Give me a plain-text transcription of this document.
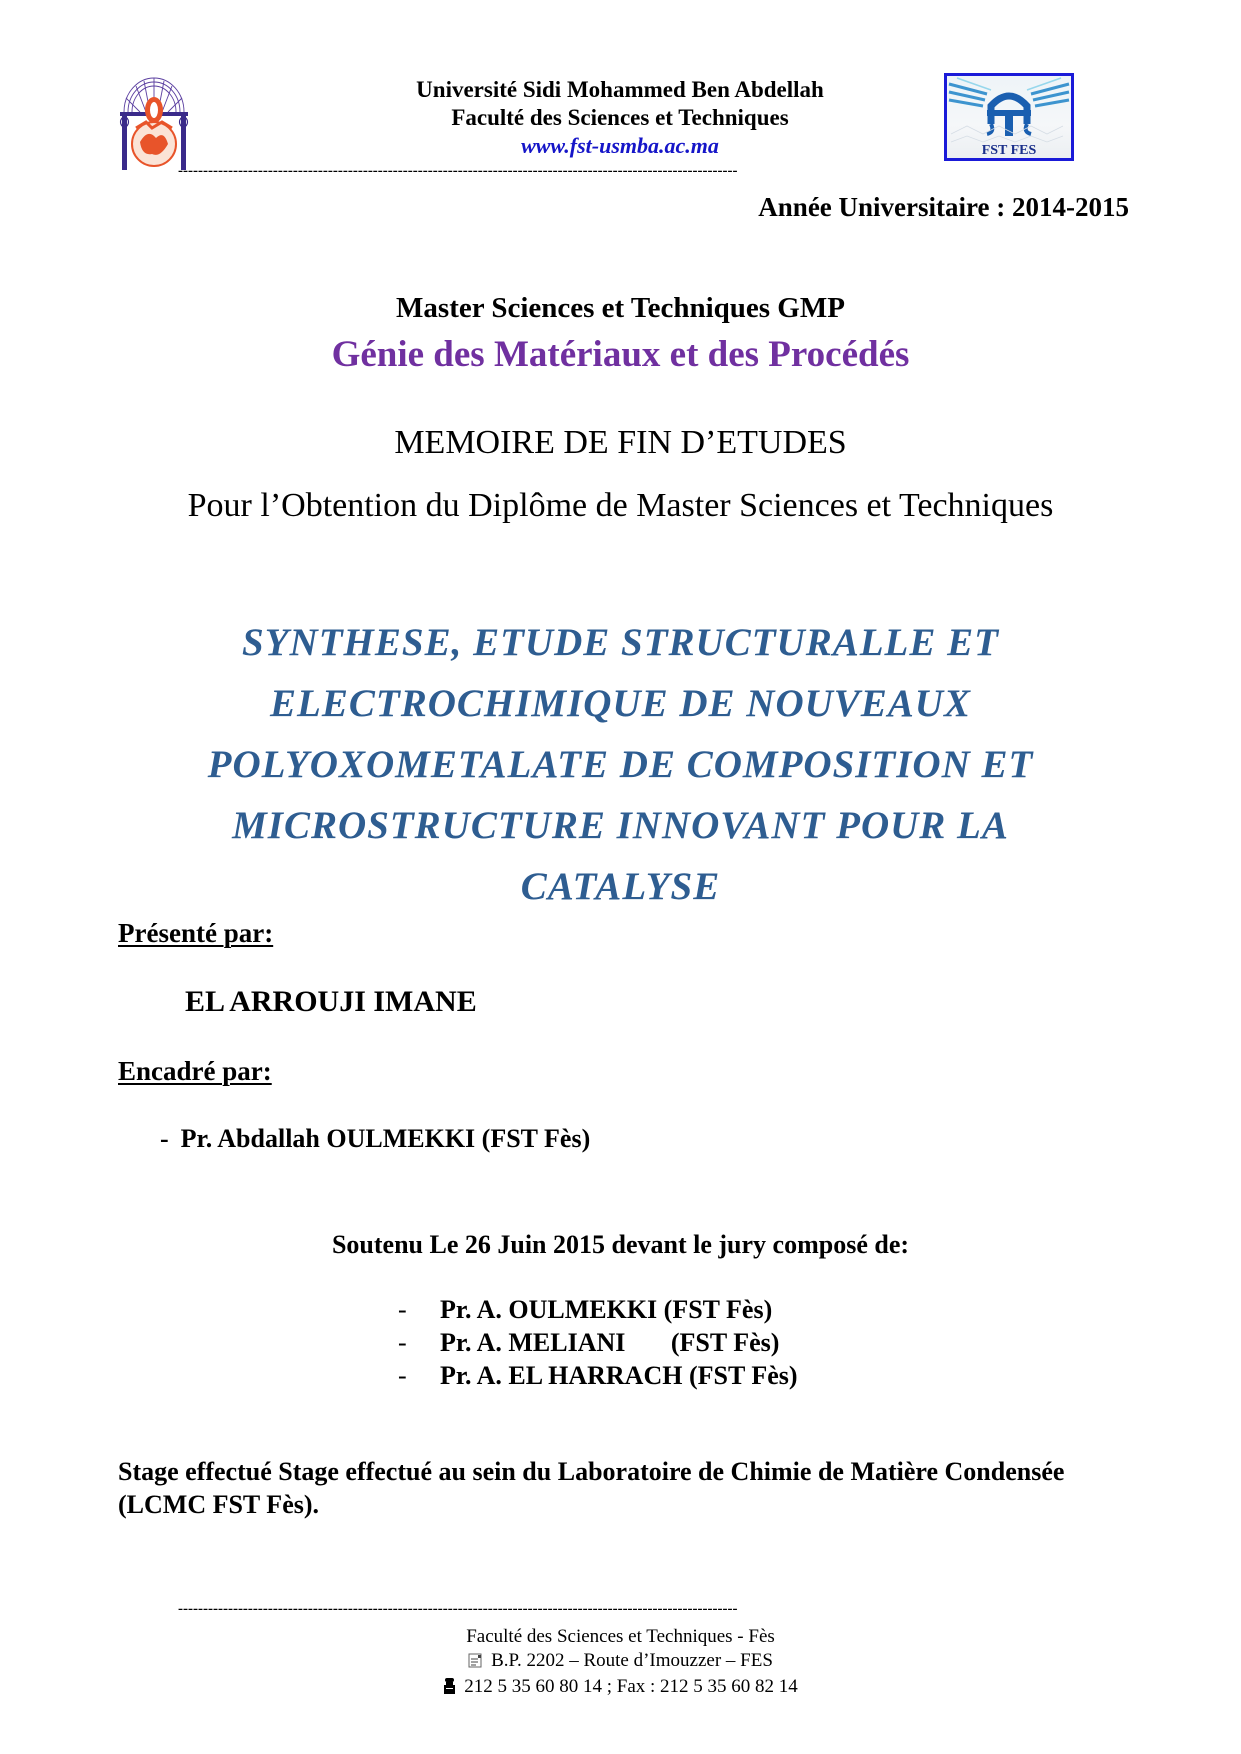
Université Sidi Mohammed Ben Abdellah
Faculté des Sciences et Techniques
www.fst-usmba.ac.ma	FST FES
----------------------------------------------------------------------------------------------------------------
Année Universitaire : 2014-2015
Master Sciences et Techniques GMP
Génie des Matériaux et des Procédés
MEMOIRE DE FIN D’ETUDES
Pour l’Obtention du Diplôme de Master Sciences et Techniques
SYNTHESE, ETUDE STRUCTURALLE ET
ELECTROCHIMIQUE DE NOUVEAUX
POLYOXOMETALATE DE COMPOSITION ET
MICROSTRUCTURE INNOVANT POUR LA
CATALYSE
Présenté par:
EL ARROUJI IMANE
Encadré par:
- Pr. Abdallah OULMEKKI (FST Fès)
Soutenu Le 26 Juin 2015 devant le jury composé de:
-	Pr. A. OULMEKKI (FST Fès)
-	Pr. A. MELIANI       (FST Fès)
-	Pr. A. EL HARRACH (FST Fès)
Stage effectué Stage effectué au sein du Laboratoire de Chimie de Matière Condensée (LCMC FST Fès).
----------------------------------------------------------------------------------------------------------------
Faculté des Sciences et Techniques - Fès
B.P. 2202 – Route d’Imouzzer – FES
212 5 35 60 80 14 ; Fax : 212 5 35 60 82 14
